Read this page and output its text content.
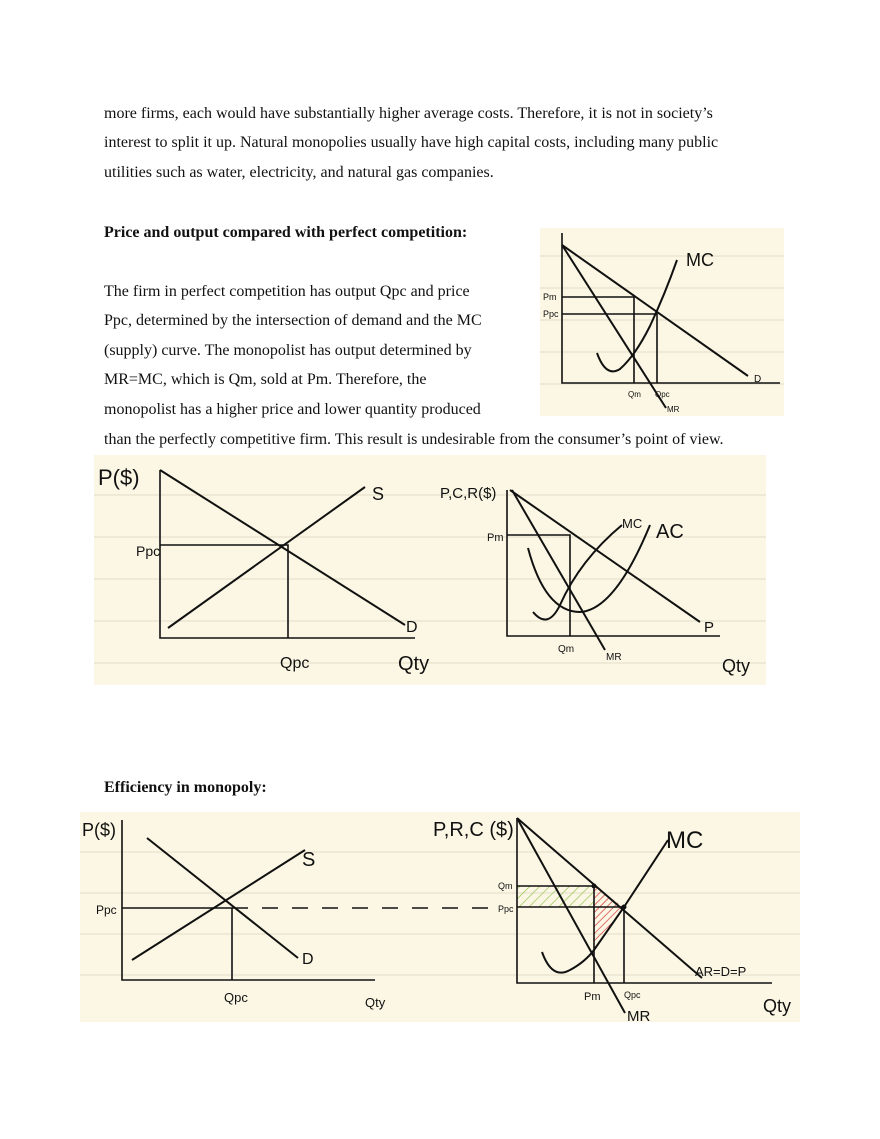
more firms, each would have substantially higher average costs. Therefore, it is not in society’s
interest to split it up. Natural monopolies usually have high capital costs, including many public
utilities such as water, electricity, and natural gas companies.
Price and output compared with perfect competition:
The firm in perfect competition has output Qpc and price
Ppc, determined by the intersection of demand and the MC
(supply) curve. The monopolist has output determined by
MR=MC, which is Qm, sold at Pm. Therefore, the
monopolist has a higher price and lower quantity produced
than the perfectly competitive firm. This result is undesirable from the consumer’s point of view.
MC
D
Pm
Ppc
Qm Qpc
MR
P($)
S
D
Ppc
Qpc	Qty
P,C,R($)
Pm
MC AC
P
Qm
MR	Qty
Efficiency in monopoly:
P($)
S
D
Ppc
Qpc	Qty
P,R,C ($)	MC
Qm
Ppc
Pm	Qpc
MR
AR=D=P
Qty
